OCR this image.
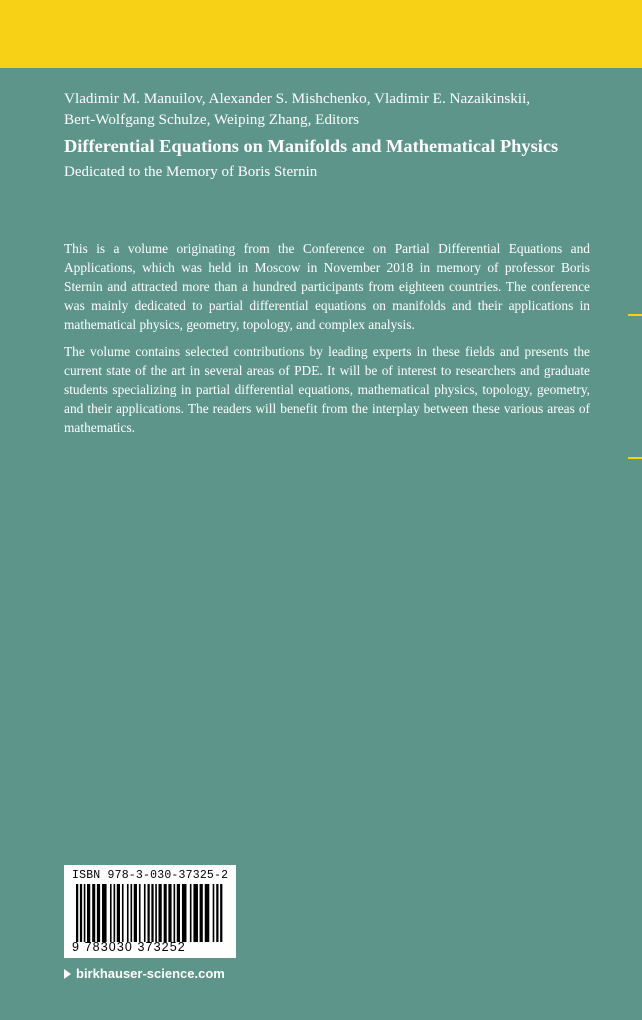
Vladimir M. Manuilov, Alexander S. Mishchenko, Vladimir E. Nazaikinskii,
Bert-Wolfgang Schulze, Weiping Zhang, Editors

Differential Equations on Manifolds and Mathematical Physics

Dedicated to the Memory of Boris Sternin

This is a volume originating from the Conference on Partial Differential Equations and Applications, which was held in Moscow in November 2018 in memory of professor Boris Sternin and attracted more than a hundred participants from eighteen countries. The conference was mainly dedicated to partial differential equations on manifolds and their applications in mathematical physics, geometry, topology, and complex analysis.

The volume contains selected contributions by leading experts in these fields and presents the current state of the art in several areas of PDE. It will be of interest to researchers and graduate students specializing in partial differential equations, mathematical physics, topology, geometry, and their applications. The readers will benefit from the interplay between these various areas of mathematics.

ISBN 978-3-030-37325-2
9 783030 373252
birkhauser-science.com
